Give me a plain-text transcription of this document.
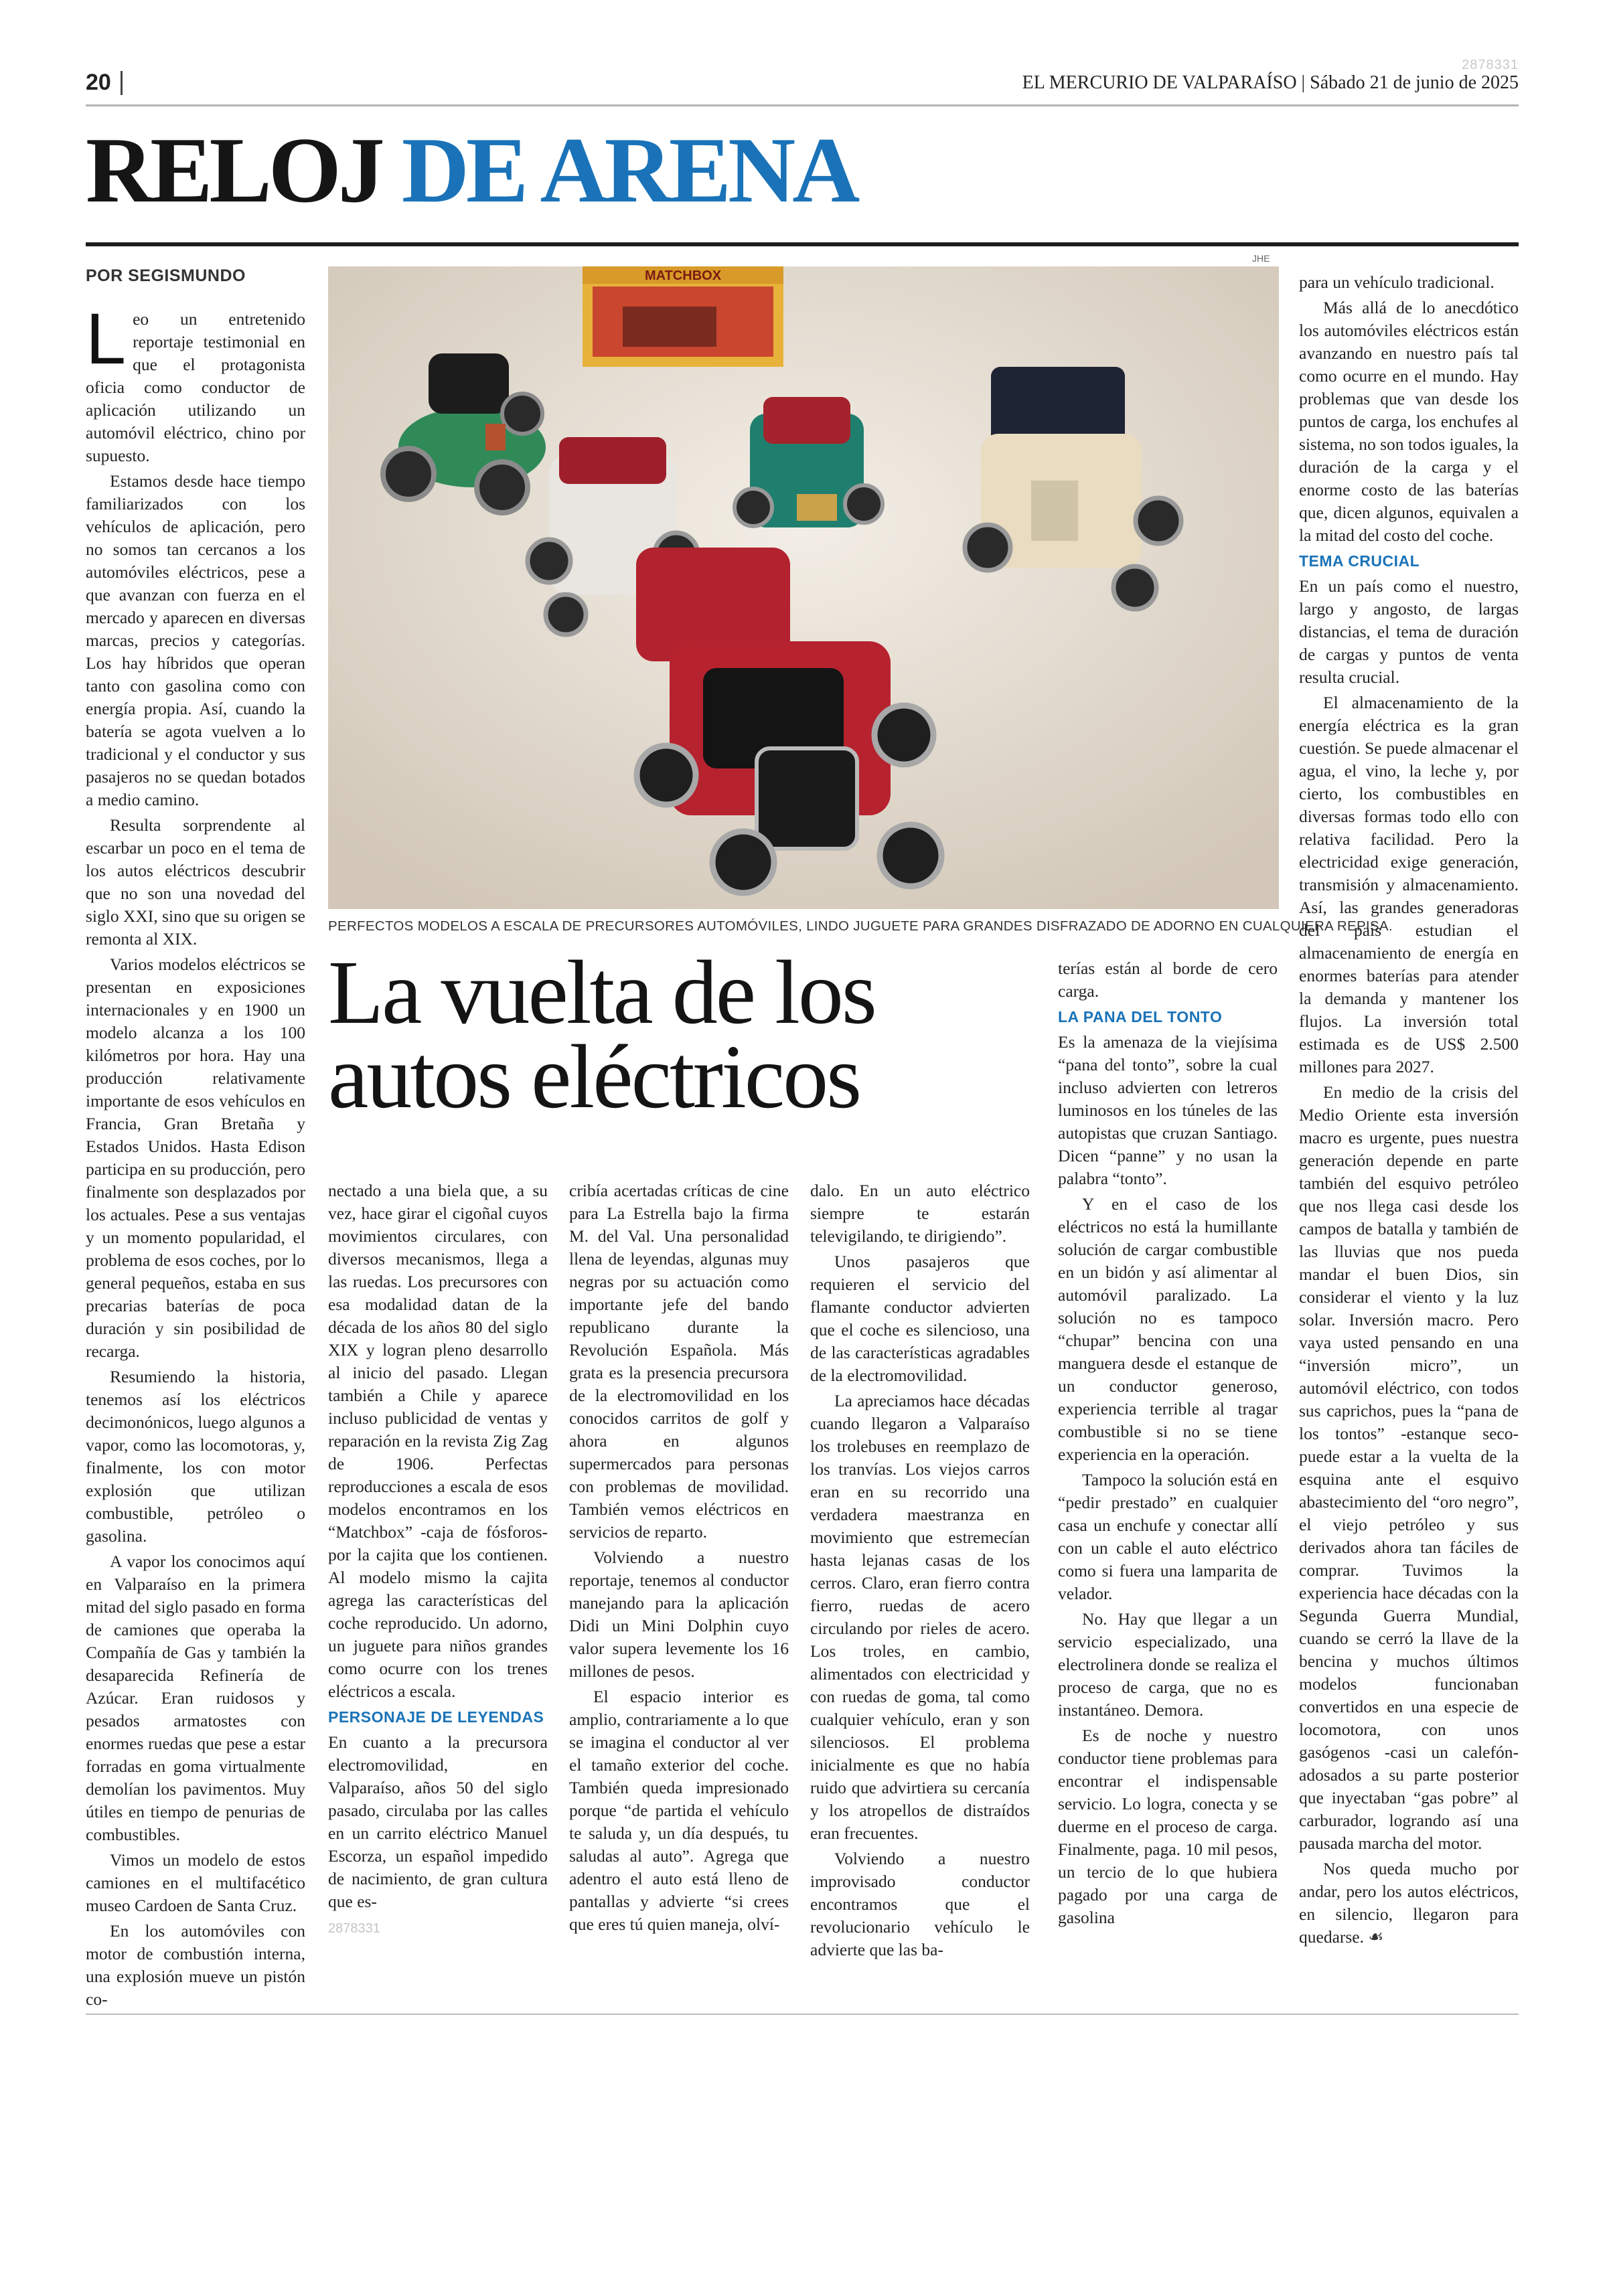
20
2878331
EL MERCURIO DE VALPARAÍSO | Sábado 21 de junio de 2025
RELOJ DE ARENA
POR SEGISMUNDO
JHE
MATCHBOX
PERFECTOS MODELOS A ESCALA DE PRECURSORES AUTOMÓVILES, LINDO JUGUETE PARA GRANDES DISFRAZADO DE ADORNO EN CUALQUIERA REPISA.
La vuelta de los autos eléctricos

Leo un entretenido reportaje testimonial en que el protagonista oficia como conductor de aplicación utilizando un automóvil eléctrico, chino por supuesto.

Estamos desde hace tiempo familiarizados con los vehículos de aplicación, pero no somos tan cercanos a los automóviles eléctricos, pese a que avanzan con fuerza en el mercado y aparecen en diversas marcas, precios y categorías. Los hay híbridos que operan tanto con gasolina como con energía propia. Así, cuando la batería se agota vuelven a lo tradicional y el conductor y sus pasajeros no se quedan botados a medio camino.

Resulta sorprendente al escarbar un poco en el tema de los autos eléctricos descubrir que no son una novedad del siglo XXI, sino que su origen se remonta al XIX.

Varios modelos eléctricos se presentan en exposiciones internacionales y en 1900 un modelo alcanza a los 100 kilómetros por hora. Hay una producción relativamente importante de esos vehículos en Francia, Gran Bretaña y Estados Unidos. Hasta Edison participa en su producción, pero finalmente son desplazados por los actuales. Pese a sus ventajas y un momento popularidad, el problema de esos coches, por lo general pequeños, estaba en sus precarias baterías de poca duración y sin posibilidad de recarga.

Resumiendo la historia, tenemos así los eléctricos decimonónicos, luego algunos a vapor, como las locomotoras, y, finalmente, los con motor explosión que utilizan combustible, petróleo o gasolina.

A vapor los conocimos aquí en Valparaíso en la primera mitad del siglo pasado en forma de camiones que operaba la Compañía de Gas y también la desaparecida Refinería de Azúcar. Eran ruidosos y pesados armatostes con enormes ruedas que pese a estar forradas en goma virtualmente demolían los pavimentos. Muy útiles en tiempo de penurias de combustibles.

Vimos un modelo de estos camiones en el multifacético museo Cardoen de Santa Cruz.

En los automóviles con motor de combustión interna, una explosión mueve un pistón co-

nectado a una biela que, a su vez, hace girar el cigoñal cuyos movimientos circulares, con diversos mecanismos, llega a las ruedas. Los precursores con esa modalidad datan de la década de los años 80 del siglo XIX y logran pleno desarrollo al inicio del pasado. Llegan también a Chile y aparece incluso publicidad de ventas y reparación en la revista Zig Zag de 1906. Perfectas reproducciones a escala de esos modelos encontramos en los “Matchbox” -caja de fósforos- por la cajita que los contienen. Al modelo mismo la cajita agrega las características del coche reproducido. Un adorno, un juguete para niños grandes como ocurre con los trenes eléctricos a escala.

PERSONAJE DE LEYENDAS

En cuanto a la precursora electromovilidad, en Valparaíso, años 50 del siglo pasado, circulaba por las calles en un carrito eléctrico Manuel Escorza, un español impedido de nacimiento, de gran cultura que es-

2878331

cribía acertadas críticas de cine para La Estrella bajo la firma M. del Val. Una personalidad llena de leyendas, algunas muy negras por su actuación como importante jefe del bando republicano durante la Revolución Española. Más grata es la presencia precursora de la electromovilidad en los conocidos carritos de golf y ahora en algunos supermercados para personas con problemas de movilidad. También vemos eléctricos en servicios de reparto.

Volviendo a nuestro reportaje, tenemos al conductor manejando para la aplicación Didi un Mini Dolphin cuyo valor supera levemente los 16 millones de pesos.

El espacio interior es amplio, contrariamente a lo que se imagina el conductor al ver el tamaño exterior del coche. También queda impresionado porque “de partida el vehículo te saluda y, un día después, tu saludas al auto”. Agrega que adentro el auto está lleno de pantallas y advierte “si crees que eres tú quien maneja, olví-

dalo. En un auto eléctrico siempre te estarán televigilando, te dirigiendo”.

Unos pasajeros que requieren el servicio del flamante conductor advierten que el coche es silencioso, una de las características agradables de la electromovilidad.

La apreciamos hace décadas cuando llegaron a Valparaíso los trolebuses en reemplazo de los tranvías. Los viejos carros eran en su recorrido una verdadera maestranza en movimiento que estremecían hasta lejanas casas de los cerros. Claro, eran fierro contra fierro, ruedas de acero circulando por rieles de acero. Los troles, en cambio, alimentados con electricidad y con ruedas de goma, tal como cualquier vehículo, eran y son silenciosos. El problema inicialmente es que no había ruido que advirtiera su cercanía y los atropellos de distraídos eran frecuentes.

Volviendo a nuestro improvisado conductor encontramos que el revolucionario vehículo le advierte que las ba-

terías están al borde de cero carga.

LA PANA DEL TONTO

Es la amenaza de la viejísima “pana del tonto”, sobre la cual incluso advierten con letreros luminosos en los túneles de las autopistas que cruzan Santiago. Dicen “panne” y no usan la palabra “tonto”.

Y en el caso de los eléctricos no está la humillante solución de cargar combustible en un bidón y así alimentar al automóvil paralizado. La solución no es tampoco “chupar” bencina con una manguera desde el estanque de un conductor generoso, experiencia terrible al tragar combustible si no se tiene experiencia en la operación.

Tampoco la solución está en “pedir prestado” en cualquier casa un enchufe y conectar allí con un cable el auto eléctrico como si fuera una lamparita de velador.

No. Hay que llegar a un servicio especializado, una electrolinera donde se realiza el proceso de carga, que no es instantáneo. Demora.

Es de noche y nuestro conductor tiene problemas para encontrar el indispensable servicio. Lo logra, conecta y se duerme en el proceso de carga. Finalmente, paga. 10 mil pesos, un tercio de lo que hubiera pagado por una carga de gasolina

para un vehículo tradicional.

Más allá de lo anecdótico los automóviles eléctricos están avanzando en nuestro país tal como ocurre en el mundo. Hay problemas que van desde los puntos de carga, los enchufes al sistema, no son todos iguales, la duración de la carga y el enorme costo de las baterías que, dicen algunos, equivalen a la mitad del costo del coche.

TEMA CRUCIAL

En un país como el nuestro, largo y angosto, de largas distancias, el tema de duración de cargas y puntos de venta resulta crucial.

El almacenamiento de la energía eléctrica es la gran cuestión. Se puede almacenar el agua, el vino, la leche y, por cierto, los combustibles en diversas formas todo ello con relativa facilidad. Pero la electricidad exige generación, transmisión y almacenamiento. Así, las grandes generadoras del país estudian el almacenamiento de energía en enormes baterías para atender la demanda y mantener los flujos. La inversión total estimada es de US$ 2.500 millones para 2027.

En medio de la crisis del Medio Oriente esta inversión macro es urgente, pues nuestra generación depende en parte también del esquivo petróleo que nos llega casi desde los campos de batalla y también de las lluvias que nos pueda mandar el buen Dios, sin considerar el viento y la luz solar. Inversión macro. Pero vaya usted pensando en una “inversión micro”, un automóvil eléctrico, con todos sus caprichos, pues la “pana de los tontos” -estanque seco- puede estar a la vuelta de la esquina ante el esquivo abastecimiento del “oro negro”, el viejo petróleo y sus derivados ahora tan fáciles de comprar. Tuvimos la experiencia hace décadas con la Segunda Guerra Mundial, cuando se cerró la llave de la bencina y muchos últimos modelos funcionaban convertidos en una especie de locomotora, con unos gasógenos -casi un calefón- adosados a su parte posterior que inyectaban “gas pobre” al carburador, logrando así una pausada marcha del motor.

Nos queda mucho por andar, pero los autos eléctricos, en silencio, llegaron para quedarse. ☙
